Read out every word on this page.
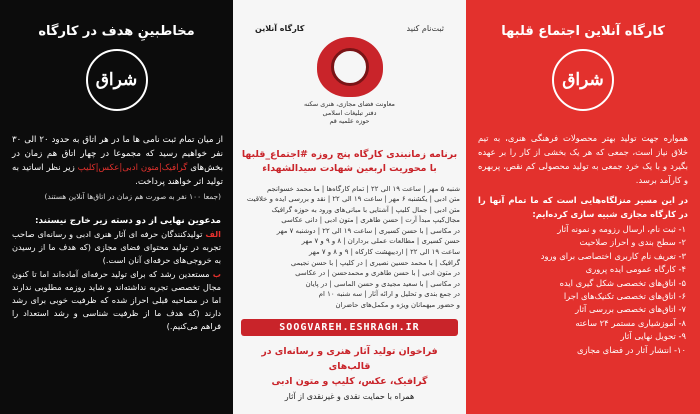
مخاطبینِ هدف در کارگاه
شراق
از میان تمام ثبت نامی ها ما در هر اتاق به حدود ۲۰ الی ۳۰ نفر خواهیم رسید که مجموعا در چهار اتاق هم زمان در بخش‌های گرافیک|متون ادبی|عکس|کلیپ زیر نظر اساتید به تولید اثر خواهند پرداخت.
(جمعا ۱۰۰ نفر به صورت هم زمان در اتاق‌ها آنلاین هستند)
مدعوین نهایی از دو دسته زیر خارج نیستند:
الف تولیدکنندگان حرفه ای آثار هنری ادبی و رسانه‌ای صاحب تجربه در تولید محتوای فضای مجازی (که هدف ما از رسیدن به خروجی‌های حرفه‌ای آنان است.)
ب مستعدین رشد که برای تولید حرفه‌ای آماده‌اند اما تا کنون مجال تخصصی تجربه نداشته‌اند و شاید روزمه مطلوبی ندارند اما در مصاحبه قبلی احراز شده که ظرفیت خوبی برای رشد دارند (که هدف ما از ظرفیت شناسی و رشد استعداد را فراهم می‌کنیم.)
ثبت‌نام کنید
کارگاه آنلاین
معاونت فضای مجازی، هنری سکنه
دفتر تبلیغات اسلامی
حوزه علمیه قم
برنامه زمانبندی کارگاه پنج روزه #اجتماع_قلبها
با محوریت اربعین شهادت سیدالشهداء
شنبه ۵ مهر | ساعت ۱۹ الی ۲۲ | تمام کارگاه‌ها | ما محمد خسوانجم
متن ادبی | یکشنبه ۶ مهر | ساعت ۱۹ الی ۲۲ | نقد و بررسی ایده و خلاقیت
متن ادبی | جمال کلیپ | آشنایی با مبانی‌های ورود به حوزه گرافیک
مجال‌کیپ مبدأ آرت | حسن طاهری | متون ادبی | دانی عکاسی
در مکاسی | با حسن کسیری | ساعت ۱۹ الی ۲۲ | دوشنبه ۷ مهر
حسن کسیری | مطالعات عملی برداران | ۸ و ۹ و ۷ مهر
ساعت ۱۹ الی ۲۲ | اردیبهشت کارکاه | ۹ و ۸ و ۷ مهر
گرافیک | با محمد حسین نصیری | در کلیپ | با حسن نجیمی
در متون ادبی | با حسن طاهری و محمدحسن | در عکاسی
در مکاسی | با سعید مجیدی و حسن الماسی | در پایان
در جمع بندی و تحلیل و ارائه آثار | سه شنبه ۱۰ ام
و حضور میهمانان ویژه و مکمل‌های حاضران
SOOGVAREH.ESHRAGH.IR
فراخوان تولید آثار هنری و رسانه‌ای در قالب‌های
گرافیک، عکس، کلیپ و متون ادبی
همراه با حمایت نقدی و غیرنقدی از آثار
کارگاه آنلاین اجتماع قلبها
شراق
همواره جهت تولید بهتر محصولات فرهنگی هنری، به تیم خلاق نیاز است، جمعی که هر یک بخشی از کار را بر عهده بگیرد و با یک خرد جمعی به تولید محصولی کم نقص، پربهره و کارآمد برسد.
در این مسیر منزلگاه‌هایی است که ما تمام آنها را در کارگاه مجازی شبیه سازی کرده‌ایم:
۱- ثبت نام، ارسال رزومه و نمونه آثار
۲- سطح بندی و احراز صلاحیت
۳- تعریف نام کاربری اختصاصی برای ورود
۴- کارگاه عمومی ایده پروری
۵- اتاق‌های تخصصی شکل گیری ایده
۶- اتاق‌های تخصصی تکنیک‌های اجرا
۷- اتاق‌های تخصصی بررسی آثار
۸- آموزشیاری مستمر ۲۴ ساعته
۹- تحویل نهایی آثار
۱۰- انتشار آثار در فضای مجازی
